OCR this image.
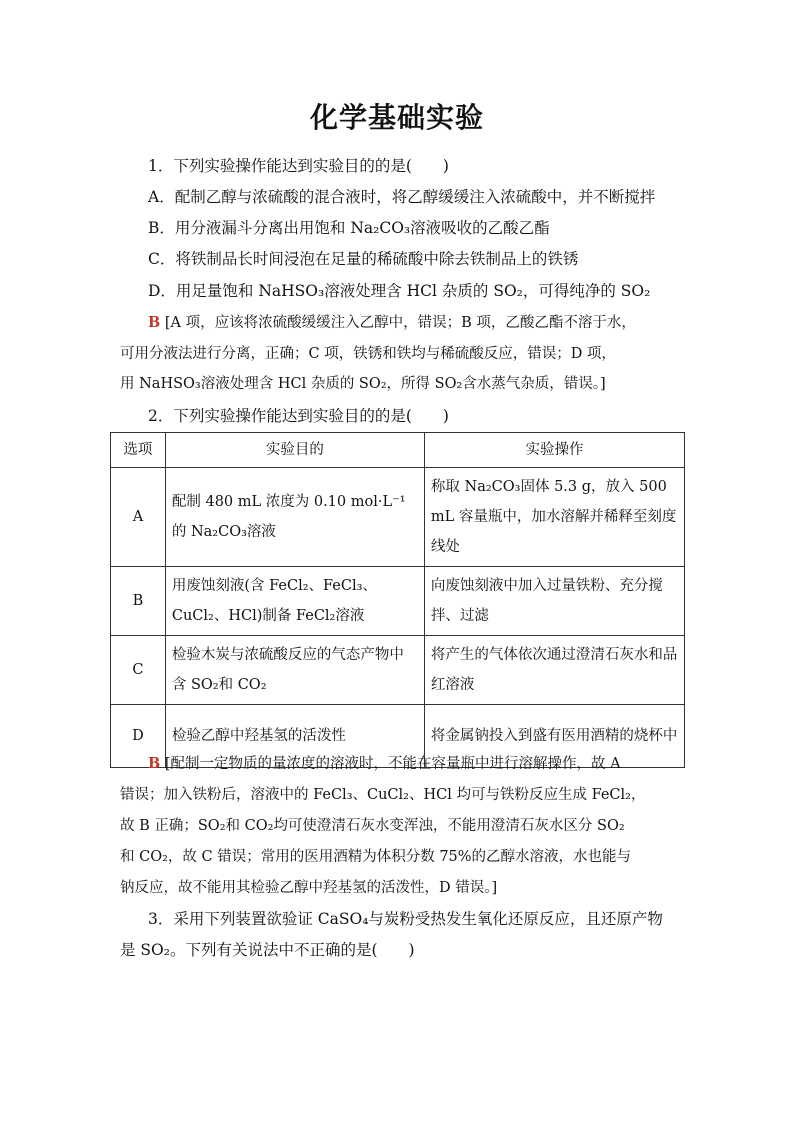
化学基础实验
1．下列实验操作能达到实验目的的是(　　)
A．配制乙醇与浓硫酸的混合液时，将乙醇缓缓注入浓硫酸中，并不断搅拌
B．用分液漏斗分离出用饱和 Na₂CO₃溶液吸收的乙酸乙酯
C．将铁制品长时间浸泡在足量的稀硫酸中除去铁制品上的铁锈
D．用足量饱和 NaHSO₃溶液处理含 HCl 杂质的 SO₂，可得纯净的 SO₂
B [A 项，应该将浓硫酸缓缓注入乙醇中，错误；B 项，乙酸乙酯不溶于水，
可用分液法进行分离，正确；C 项，铁锈和铁均与稀硫酸反应，错误；D 项，
用 NaHSO₃溶液处理含 HCl 杂质的 SO₂，所得 SO₂含水蒸气杂质，错误。]
2．下列实验操作能达到实验目的的是(　　)
选项	实验目的	实验操作
A	配制 480 mL 浓度为 0.10 mol·L⁻¹的 Na₂CO₃溶液	称取 Na₂CO₃固体 5.3 g，放入 500 mL 容量瓶中，加水溶解并稀释至刻度线处
B	用废蚀刻液(含 FeCl₂、FeCl₃、CuCl₂、HCl)制备 FeCl₂溶液	向废蚀刻液中加入过量铁粉、充分搅拌、过滤
C	检验木炭与浓硫酸反应的气态产物中含 SO₂和 CO₂	将产生的气体依次通过澄清石灰水和品红溶液
D	检验乙醇中羟基氢的活泼性	将金属钠投入到盛有医用酒精的烧杯中
B [配制一定物质的量浓度的溶液时，不能在容量瓶中进行溶解操作，故 A
错误；加入铁粉后，溶液中的 FeCl₃、CuCl₂、HCl 均可与铁粉反应生成 FeCl₂，
故 B 正确；SO₂和 CO₂均可使澄清石灰水变浑浊，不能用澄清石灰水区分 SO₂
和 CO₂，故 C 错误；常用的医用酒精为体积分数 75%的乙醇水溶液，水也能与
钠反应，故不能用其检验乙醇中羟基氢的活泼性，D 错误。]
3．采用下列装置欲验证 CaSO₄与炭粉受热发生氧化还原反应，且还原产物
是 SO₂。下列有关说法中不正确的是(　　)
